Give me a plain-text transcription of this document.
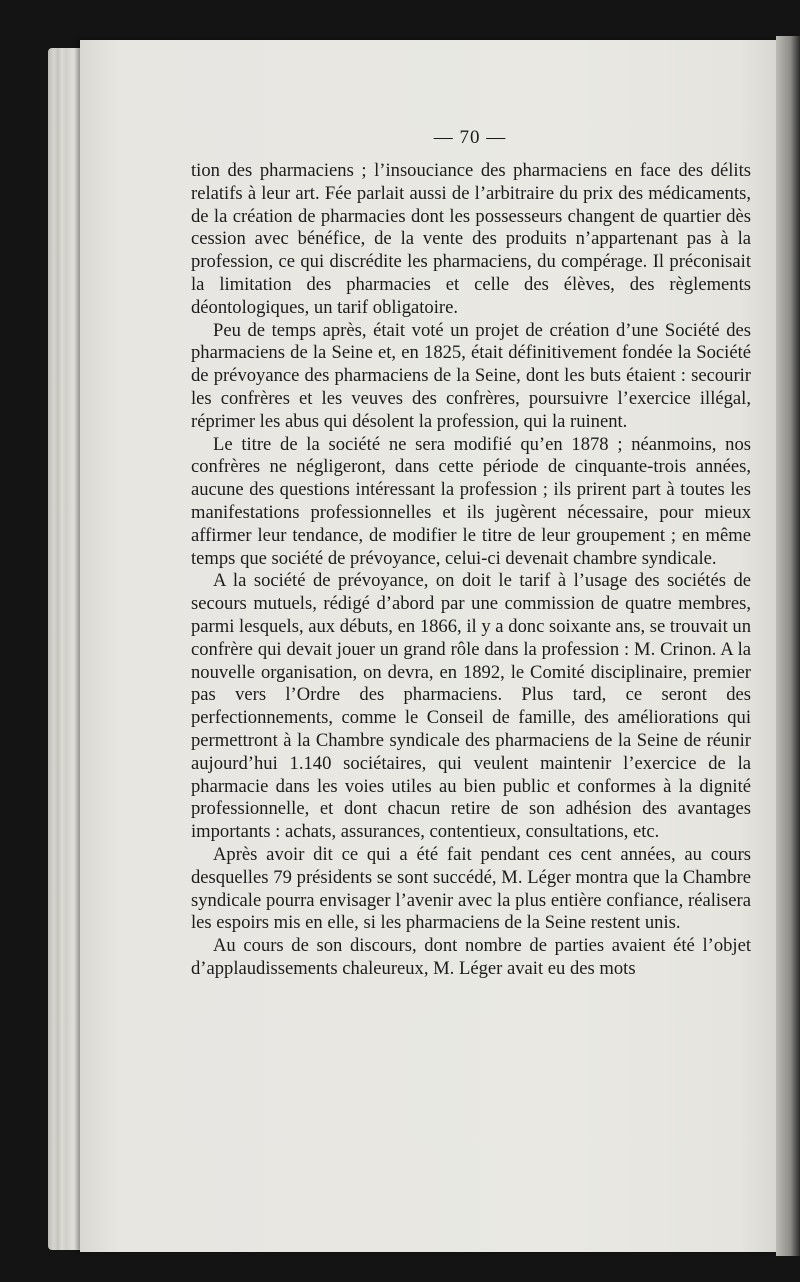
— 70 —

tion des pharmaciens ; l’insouciance des pharmaciens en face des délits relatifs à leur art. Fée parlait aussi de l’arbitraire du prix des médicaments, de la création de pharmacies dont les possesseurs changent de quartier dès cession avec bénéfice, de la vente des produits n’appartenant pas à la profession, ce qui discrédite les pharmaciens, du compérage. Il préconisait la limitation des pharmacies et celle des élèves, des règlements déontologiques, un tarif obligatoire.

Peu de temps après, était voté un projet de création d’une Société des pharmaciens de la Seine et, en 1825, était définitivement fondée la Société de prévoyance des pharmaciens de la Seine, dont les buts étaient : secourir les confrères et les veuves des confrères, poursuivre l’exercice illégal, réprimer les abus qui désolent la profession, qui la ruinent.

Le titre de la société ne sera modifié qu’en 1878 ; néanmoins, nos confrères ne négligeront, dans cette période de cinquante-trois années, aucune des questions intéressant la profession ; ils prirent part à toutes les manifestations professionnelles et ils jugèrent nécessaire, pour mieux affirmer leur tendance, de modifier le titre de leur groupement ; en même temps que société de prévoyance, celui-ci devenait chambre syndicale.

A la société de prévoyance, on doit le tarif à l’usage des sociétés de secours mutuels, rédigé d’abord par une commission de quatre membres, parmi lesquels, aux débuts, en 1866, il y a donc soixante ans, se trouvait un confrère qui devait jouer un grand rôle dans la profession : M. Crinon. A la nouvelle organisation, on devra, en 1892, le Comité disciplinaire, premier pas vers l’Ordre des pharmaciens. Plus tard, ce seront des perfectionnements, comme le Conseil de famille, des améliorations qui permettront à la Chambre syndicale des pharmaciens de la Seine de réunir aujourd’hui 1.140 sociétaires, qui veulent maintenir l’exercice de la pharmacie dans les voies utiles au bien public et conformes à la dignité professionnelle, et dont chacun retire de son adhésion des avantages importants : achats, assurances, contentieux, consultations, etc.

Après avoir dit ce qui a été fait pendant ces cent années, au cours desquelles 79 présidents se sont succédé, M. Léger montra que la Chambre syndicale pourra envisager l’avenir avec la plus entière confiance, réalisera les espoirs mis en elle, si les pharmaciens de la Seine restent unis.

Au cours de son discours, dont nombre de parties avaient été l’objet d’applaudissements chaleureux, M. Léger avait eu des mots
